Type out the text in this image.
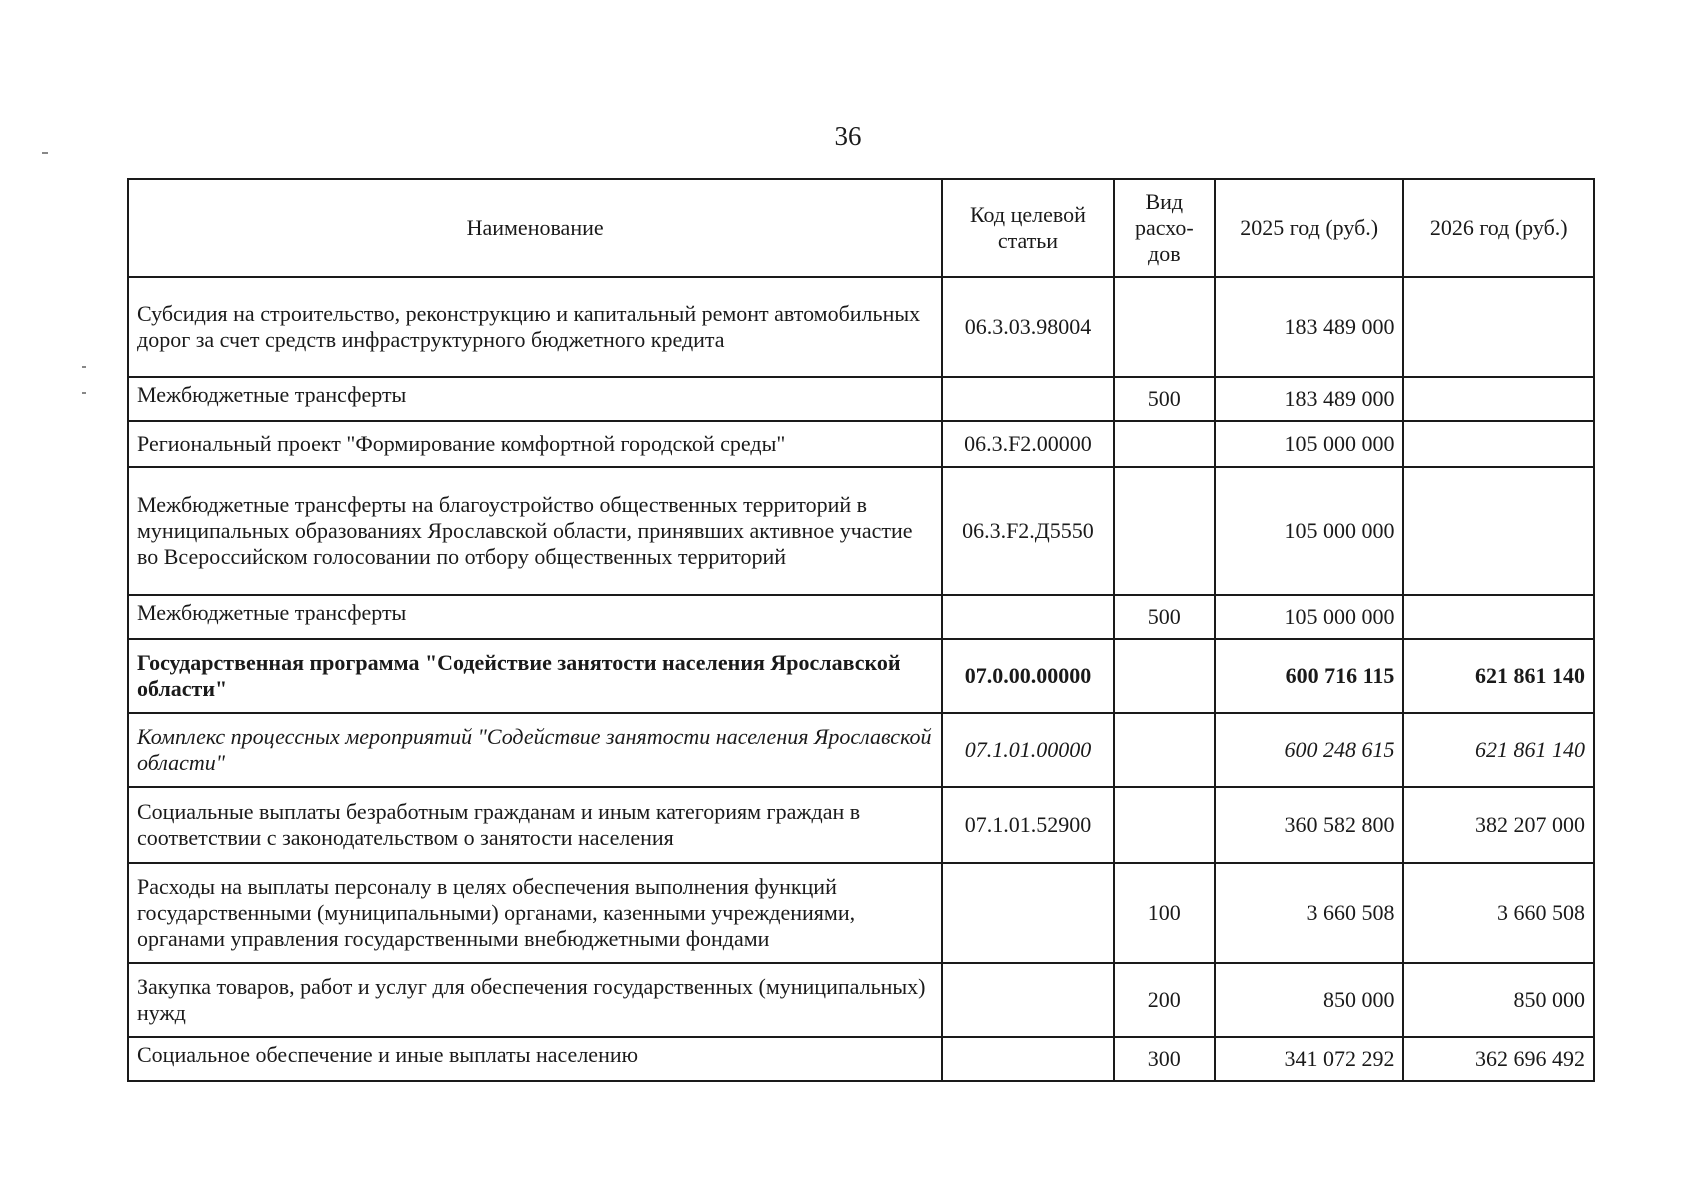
36
Наименование	Код целевой статьи	Вид расхо-дов	2025 год (руб.)	2026 год (руб.)
Субсидия на строительство, реконструкцию и капитальный ремонт автомобильных дорог за счет средств инфраструктурного бюджетного кредита	06.3.03.98004		183 489 000	
Межбюджетные трансферты		500	183 489 000	
Региональный проект "Формирование комфортной городской среды"	06.3.F2.00000		105 000 000	
Межбюджетные трансферты на благоустройство общественных территорий в муниципальных образованиях Ярославской области, принявших активное участие во Всероссийском голосовании по отбору общественных территорий	06.3.F2.Д5550		105 000 000	
Межбюджетные трансферты		500	105 000 000	
Государственная программа "Содействие занятости населения Ярославской области"	07.0.00.00000		600 716 115	621 861 140
Комплекс процессных мероприятий "Содействие занятости населения Ярославской области"	07.1.01.00000		600 248 615	621 861 140
Социальные выплаты безработным гражданам и иным категориям граждан в соответствии с законодательством о занятости населения	07.1.01.52900		360 582 800	382 207 000
Расходы на выплаты персоналу в целях обеспечения выполнения функций государственными (муниципальными) органами, казенными учреждениями, органами управления государственными внебюджетными фондами		100	3 660 508	3 660 508
Закупка товаров, работ и услуг для обеспечения государственных (муниципальных) нужд		200	850 000	850 000
Социальное обеспечение и иные выплаты населению		300	341 072 292	362 696 492
